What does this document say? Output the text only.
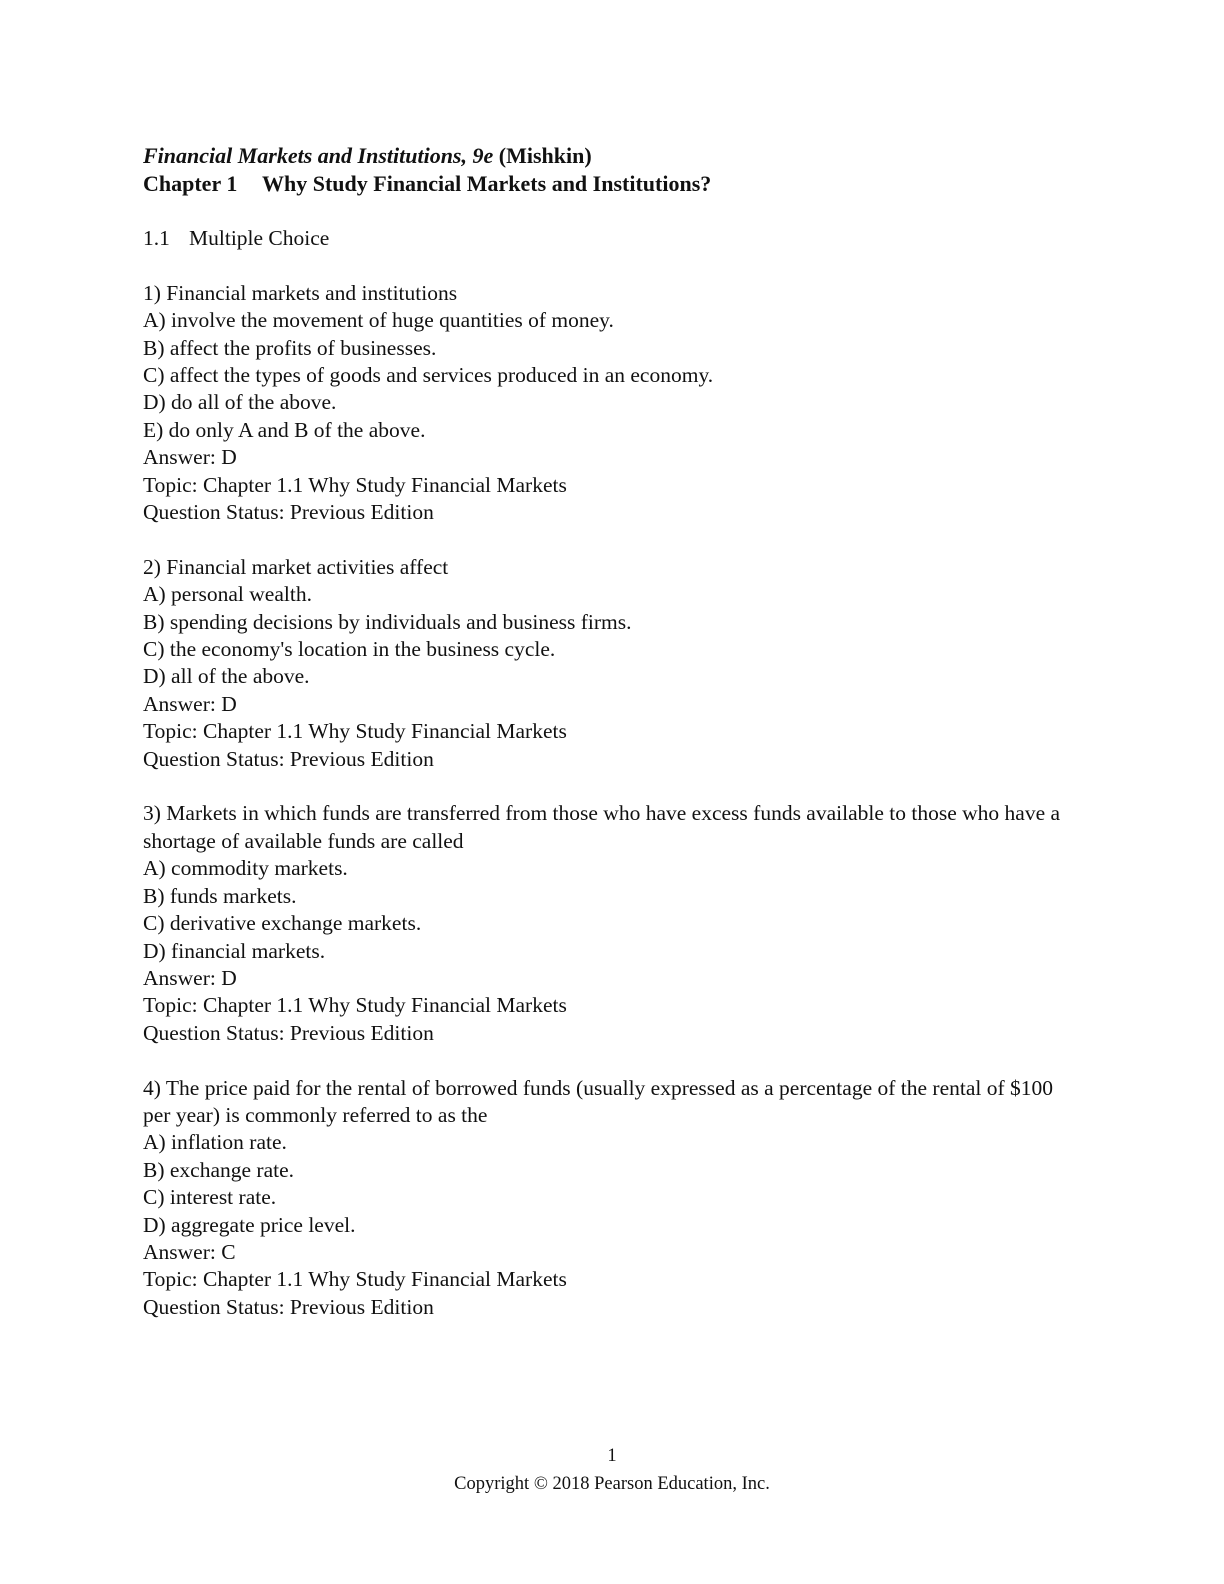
Financial Markets and Institutions, 9e (Mishkin)
Chapter 1 Why Study Financial Markets and Institutions?
1.1 Multiple Choice
1) Financial markets and institutions
A) involve the movement of huge quantities of money.
B) affect the profits of businesses.
C) affect the types of goods and services produced in an economy.
D) do all of the above.
E) do only A and B of the above.
Answer: D
Topic: Chapter 1.1 Why Study Financial Markets
Question Status: Previous Edition
2) Financial market activities affect
A) personal wealth.
B) spending decisions by individuals and business firms.
C) the economy's location in the business cycle.
D) all of the above.
Answer: D
Topic: Chapter 1.1 Why Study Financial Markets
Question Status: Previous Edition
3) Markets in which funds are transferred from those who have excess funds available to those who have a shortage of available funds are called
A) commodity markets.
B) funds markets.
C) derivative exchange markets.
D) financial markets.
Answer: D
Topic: Chapter 1.1 Why Study Financial Markets
Question Status: Previous Edition
4) The price paid for the rental of borrowed funds (usually expressed as a percentage of the rental of $100 per year) is commonly referred to as the
A) inflation rate.
B) exchange rate.
C) interest rate.
D) aggregate price level.
Answer: C
Topic: Chapter 1.1 Why Study Financial Markets
Question Status: Previous Edition
1
Copyright © 2018 Pearson Education, Inc.
